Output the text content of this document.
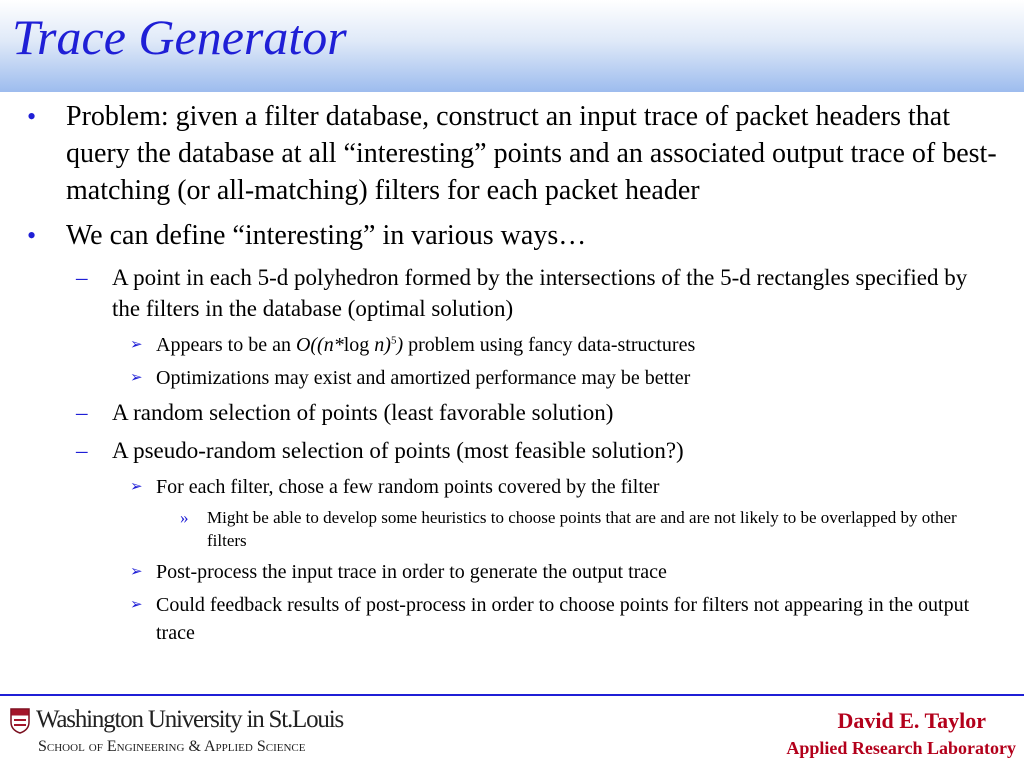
Trace Generator
• Problem: given a filter database, construct an input trace of packet headers that query the database at all “interesting” points and an associated output trace of best-matching (or all-matching) filters for each packet header
• We can define “interesting” in various ways…
– A point in each 5-d polyhedron formed by the intersections of the 5-d rectangles specified by the filters in the database (optimal solution)
➢ Appears to be an O((n*log n)$^5$) problem using fancy data-structures
➢ Optimizations may exist and amortized performance may be better
– A random selection of points (least favorable solution)
– A pseudo-random selection of points (most feasible solution?)
➢ For each filter, chose a few random points covered by the filter
» Might be able to develop some heuristics to choose points that are and are not likely to be overlapped by other filters
➢ Post-process the input trace in order to generate the output trace
➢ Could feedback results of post-process in order to choose points for filters not appearing in the output trace
Washington University in St.Louis
School of Engineering & Applied Science
David E. Taylor
Applied Research Laboratory
